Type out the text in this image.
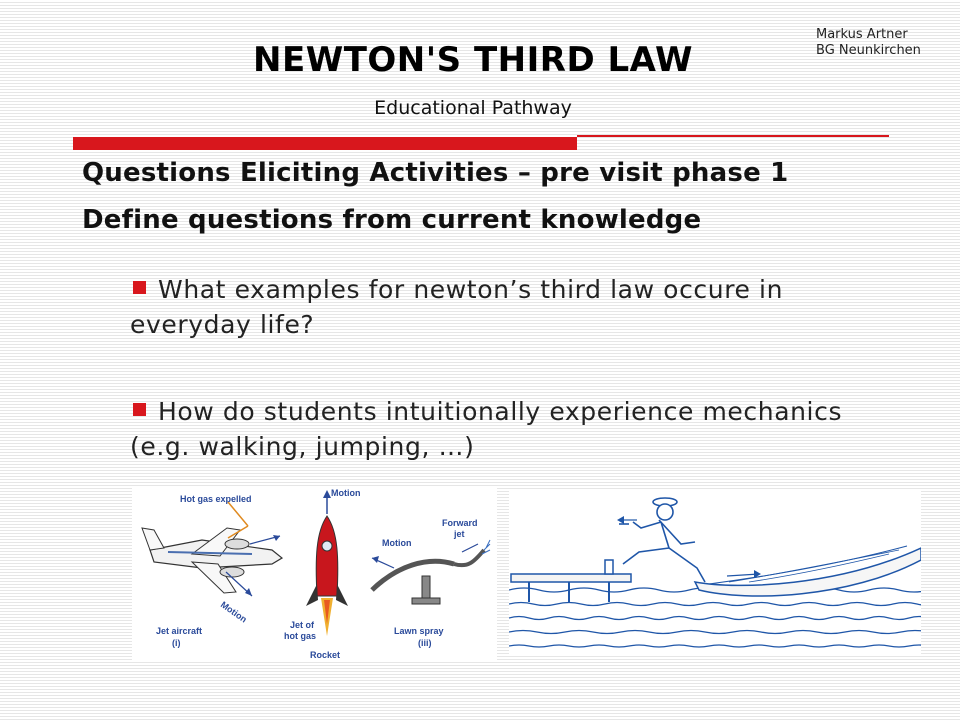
Markus Artner
BG Neunkirchen
NEWTON'S THIRD LAW
Educational Pathway
Questions Eliciting Activities – pre visit phase 1
Define questions from current knowledge
What examples for newton’s third law occure in everyday life?
How do students intuitionally experience mechanics (e.g. walking, jumping, …)
Hot gas expelled
Motion
Jet aircraft
(i)
Motion
Jet of
hot gas
Rocket
Motion
Forward
jet
Lawn spray
(iii)
